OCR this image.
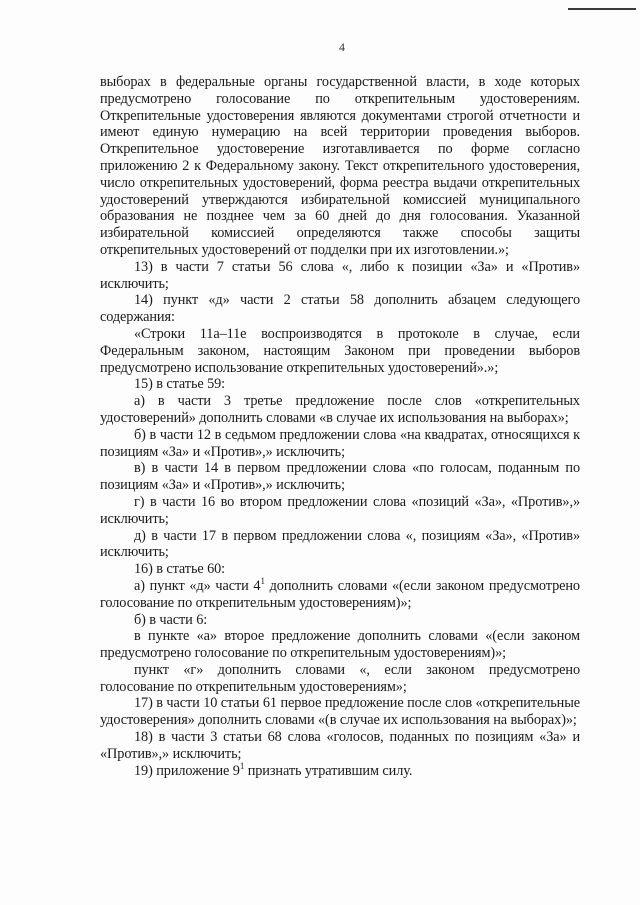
4

выборах в федеральные органы государственной власти, в ходе которых предусмотрено голосование по открепительным удостоверениям. Открепительные удостоверения являются документами строгой отчетности и имеют единую нумерацию на всей территории проведения выборов. Открепительное удостоверение изготавливается по форме согласно приложению 2 к Федеральному закону. Текст открепительного удостоверения, число открепительных удостоверений, форма реестра выдачи открепительных удостоверений утверждаются избирательной комиссией муниципального образования не позднее чем за 60 дней до дня голосования. Указанной избирательной комиссией определяются также способы защиты открепительных удостоверений от подделки при их изготовлении.»;

13) в части 7 статьи 56 слова «, либо к позиции «За» и «Против» исключить;

14) пункт «д» части 2 статьи 58 дополнить абзацем следующего содержания:

«Строки 11а–11е воспроизводятся в протоколе в случае, если Федеральным законом, настоящим Законом при проведении выборов предусмотрено использование открепительных удостоверений».»;

15) в статье 59:

а) в части 3 третье предложение после слов «открепительных удостоверений» дополнить словами «в случае их использования на выборах»;

б) в части 12 в седьмом предложении слова «на квадратах, относящихся к позициям «За» и «Против»,» исключить;

в) в части 14 в первом предложении слова «по голосам, поданным по позициям «За» и «Против»,» исключить;

г) в части 16 во втором предложении слова «позиций «За», «Против»,» исключить;

д) в части 17 в первом предложении слова «, позициям «За», «Против» исключить;

16) в статье 60:

а) пункт «д» части $4^1$ дополнить словами «(если законом предусмотрено голосование по открепительным удостоверениям)»;

б) в части 6:

в пункте «а» второе предложение дополнить словами «(если законом предусмотрено голосование по открепительным удостоверениям)»;

пункт «г» дополнить словами «, если законом предусмотрено голосование по открепительным удостоверениям»;

17) в части 10 статьи 61 первое предложение после слов «открепительные удостоверения» дополнить словами «(в случае их использования на выборах)»;

18) в части 3 статьи 68 слова «голосов, поданных по позициям «За» и «Против»,» исключить;

19) приложение $9^1$ признать утратившим силу.
